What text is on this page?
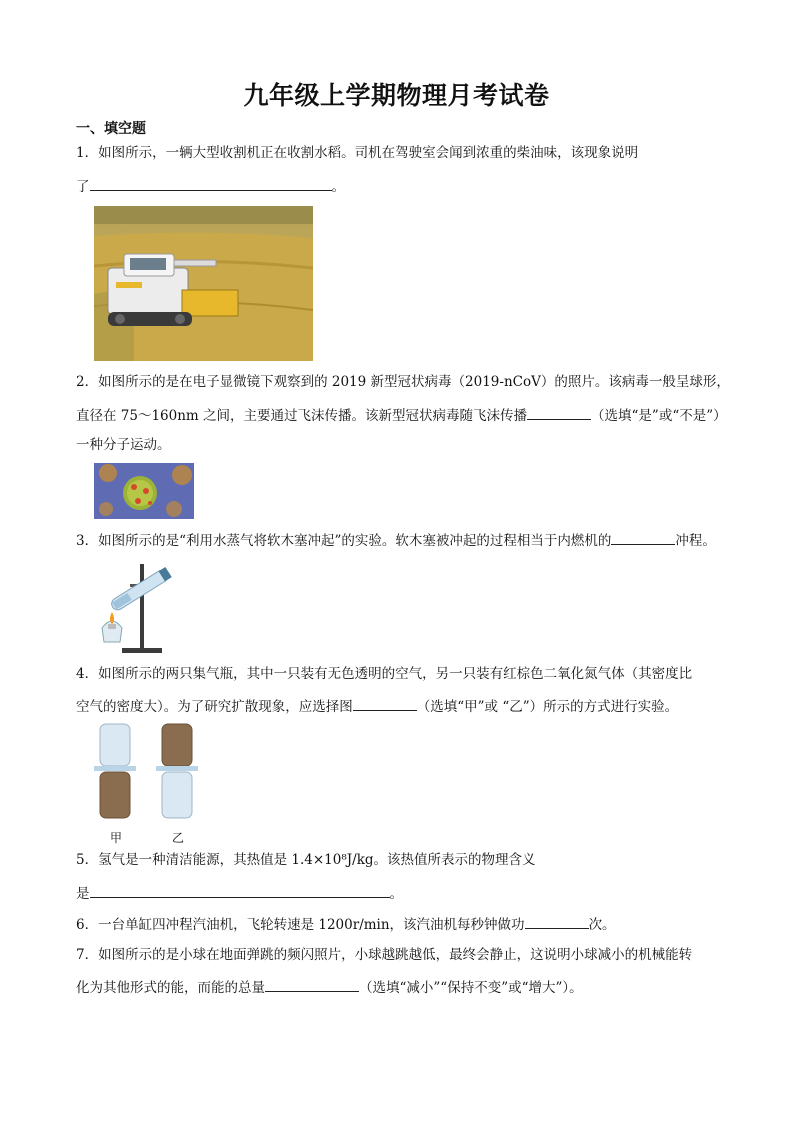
九年级上学期物理月考试卷
一、填空题
1．如图所示，一辆大型收割机正在收割水稻。司机在驾驶室会闻到浓重的柴油味，该现象说明
了	。
2．如图所示的是在电子显微镜下观察到的 2019 新型冠状病毒（2019-nCoV）的照片。该病毒一般呈球形，
直径在 75～160nm 之间，主要通过飞沫传播。该新型冠状病毒随飞沫传播	（选填“是”或“不是”）
一种分子运动。
3．如图所示的是“利用水蒸气将软木塞冲起”的实验。软木塞被冲起的过程相当于内燃机的	冲程。
4．如图所示的两只集气瓶，其中一只装有无色透明的空气，另一只装有红棕色二氧化氮气体（其密度比
空气的密度大）。为了研究扩散现象，应选择图	（选填“甲”或 “乙”）所示的方式进行实验。
甲	乙
5．氢气是一种清洁能源，其热值是 1.4×10⁸J/kg。该热值所表示的物理含义
是	。
6．一台单缸四冲程汽油机，飞轮转速是 1200r/min，该汽油机每秒钟做功	次。
7．如图所示的是小球在地面弹跳的频闪照片，小球越跳越低，最终会静止，这说明小球减小的机械能转
化为其他形式的能，而能的总量	（选填“减小”“保持不变”或“增大”）。
